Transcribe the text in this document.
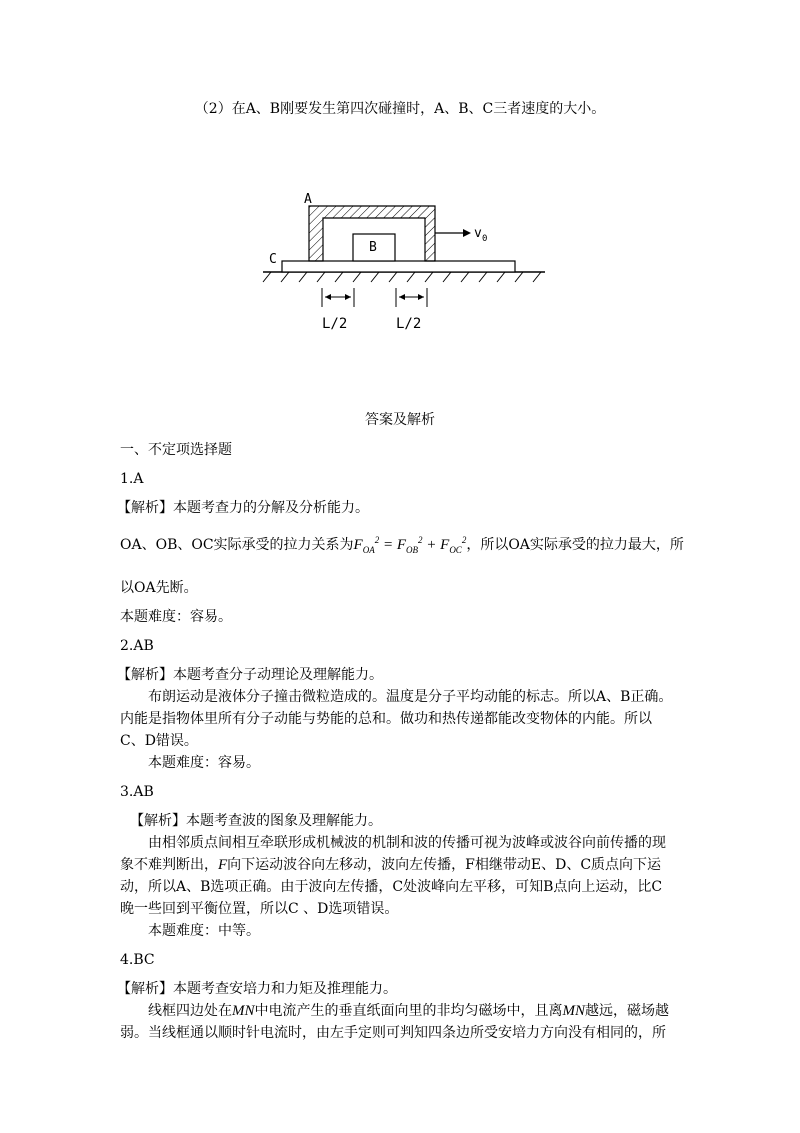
（2）在A、B刚要发生第四次碰撞时，A、B、C三者速度的大小。
A
B
C
v 0
L/2	L/2
答案及解析
一、不定项选择题
1.A
【解析】本题考查力的分解及分析能力。
OA、OB、OC实际承受的拉力关系为$F_{OA}^2 = F_{OB}^2 + F_{OC}^2$，所以OA实际承受的拉力最大，所
以OA先断。
本题难度：容易。
2.AB
【解析】本题考查分子动理论及理解能力。
布朗运动是液体分子撞击微粒造成的。温度是分子平均动能的标志。所以A、B正确。
内能是指物体里所有分子动能与势能的总和。做功和热传递都能改变物体的内能。所以
C、D错误。
本题难度：容易。
3.AB
【解析】本题考查波的图象及理解能力。
由相邻质点间相互牵联形成机械波的机制和波的传播可视为波峰或波谷向前传播的现
象不难判断出，F向下运动波谷向左移动，波向左传播，F相继带动E、D、C质点向下运
动，所以A、B选项正确。由于波向左传播，C处波峰向左平移，可知B点向上运动，比C
晚一些回到平衡位置，所以C 、D选项错误。
本题难度：中等。
4.BC
【解析】本题考查安培力和力矩及推理能力。
线框四边处在MN中电流产生的垂直纸面向里的非均匀磁场中，且离MN越远，磁场越
弱。当线框通以顺时针电流时，由左手定则可判知四条边所受安培力方向没有相同的，所
